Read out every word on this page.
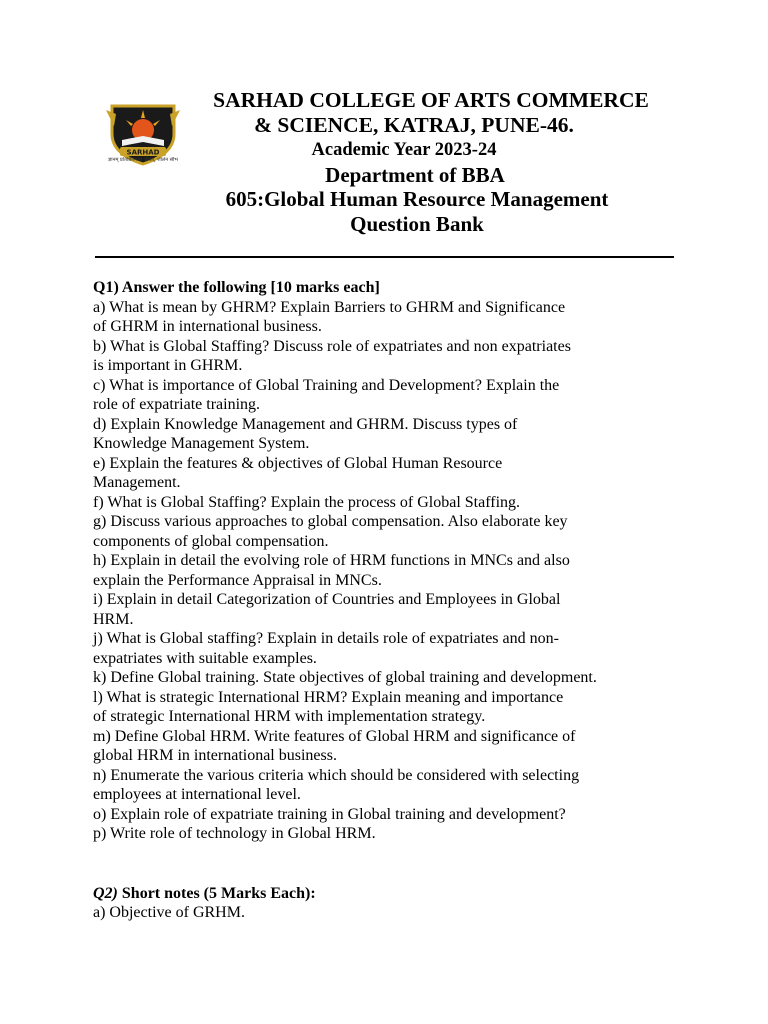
SARHAD
ज्ञानम् प्रतिष्ठितमस्य जीवेत्, शीलेन सौभ
SARHAD COLLEGE OF ARTS COMMERCE
& SCIENCE, KATRAJ, PUNE-46.
Academic Year 2023-24
Department of BBA
605:Global Human Resource Management
Question Bank
Q1) Answer the following [10 marks each]
a) What is mean by GHRM? Explain Barriers to GHRM and Significance
of GHRM in international business.
b) What is Global Staffing? Discuss role of expatriates and non expatriates
is important in GHRM.
c) What is importance of Global Training and Development? Explain the
role of expatriate training.
d) Explain Knowledge Management and GHRM. Discuss types of
Knowledge Management System.
e) Explain the features & objectives of Global Human Resource
Management.
f) What is Global Staffing? Explain the process of Global Staffing.
g) Discuss various approaches to global compensation. Also elaborate key
components of global compensation.
h) Explain in detail the evolving role of HRM functions in MNCs and also
explain the Performance Appraisal in MNCs.
i) Explain in detail Categorization of Countries and Employees in Global
HRM.
j) What is Global staffing? Explain in details role of expatriates and non-
expatriates with suitable examples.
k) Define Global training. State objectives of global training and development.
l) What is strategic International HRM? Explain meaning and importance
of strategic International HRM with implementation strategy.
m) Define Global HRM. Write features of Global HRM and significance of
global HRM in international business.
n) Enumerate the various criteria which should be considered with selecting
employees at international level.
o) Explain role of expatriate training in Global training and development?
p) Write role of technology in Global HRM.
Q2) Short notes (5 Marks Each):
a) Objective of GRHM.
